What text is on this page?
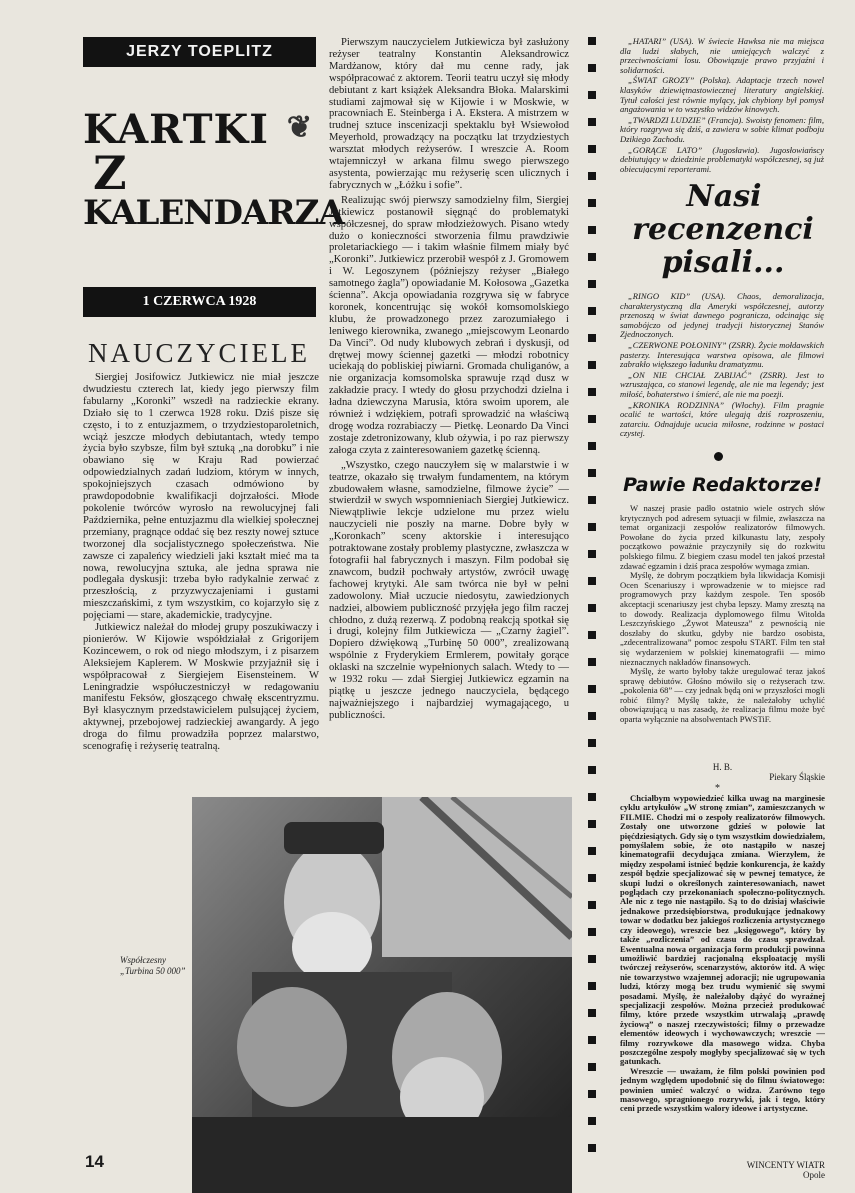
JERZY TOEPLITZ
❦
KARTKI
Z
KALENDARZA
1 CZERWCA 1928
NAUCZYCIELE

Siergiej Josifowicz Jutkiewicz nie miał jeszcze dwudziestu czterech lat, kiedy jego pierwszy film fabularny „Koronki” wszedł na radzieckie ekrany. Działo się to 1 czerwca 1928 roku. Dziś pisze się często, i to z entuzjazmem, o trzydziestoparoletnich, wciąż jeszcze młodych debiutantach, wtedy tempo życia było szybsze, film był sztuką „na dorobku” i nie obawiano się w Kraju Rad powierzać odpowiedzialnych zadań ludziom, którym w innych, spokojniejszych czasach odmówiono by prawdopodobnie kwalifikacji dojrzałości. Młode pokolenie twórców wyrosło na rewolucyjnej fali Października, pełne entuzjazmu dla wielkiej społecznej przemiany, pragnące oddać się bez reszty nowej sztuce tworzonej dla socjalistycznego społeczeństwa. Nie zawsze ci zapaleńcy wiedzieli jaki kształt mieć ma ta nowa, rewolucyjna sztuka, ale jedna sprawa nie podlegała dyskusji: trzeba było radykalnie zerwać z przeszłością, z przyzwyczajeniami i gustami mieszczańskimi, z tym wszystkim, co kojarzyło się z pojęciami — stare, akademickie, tradycyjne.

Jutkiewicz należał do młodej grupy poszukiwaczy i pionierów. W Kijowie współdziałał z Grigorijem Kozincewem, o rok od niego młodszym, i z pisarzem Aleksiejem Kaplerem. W Moskwie przyjaźnił się i współpracował z Siergiejem Eisensteinem. W Leningradzie współuczestniczył w redagowaniu manifestu Feksów, głoszącego chwałę ekscentryzmu. Był klasycznym przedstawicielem pulsującej życiem, aktywnej, przebojowej radzieckiej awangardy. A jego droga do filmu prowadziła poprzez malarstwo, scenografię i reżyserię teatralną.

Pierwszym nauczycielem Jutkiewicza był zasłużony reżyser teatralny Konstantin Aleksandrowicz Mardżanow, który dał mu cenne rady, jak współpracować z aktorem. Teorii teatru uczył się młody debiutant z kart książek Aleksandra Błoka. Malarskimi studiami zajmował się w Kijowie i w Moskwie, w pracowniach E. Steinberga i A. Ekstera. A mistrzem w trudnej sztuce inscenizacji spektaklu był Wsiewołod Meyerhold, prowadzący na początku lat trzydziestych warsztat młodych reżyserów. I wreszcie A. Room wtajemniczył w arkana filmu swego pierwszego asystenta, powierzając mu reżyserię scen ulicznych i fabrycznych w „Łóżku i sofie”.

Realizując swój pierwszy samodzielny film, Siergiej Jutkiewicz postanowił sięgnąć do problematyki współczesnej, do spraw młodzieżowych. Pisano wtedy dużo o konieczności stworzenia filmu prawdziwie proletariackiego — i takim właśnie filmem miały być „Koronki”. Jutkiewicz przerobił wespół z J. Gromowem i W. Legoszynem (późniejszy reżyser „Białego samotnego żagla”) opowiadanie M. Kołosowa „Gazetka ścienna”. Akcja opowiadania rozgrywa się w fabryce koronek, koncentrując się wokół komsomolskiego klubu, że prowadzonego przez zarozumiałego i leniwego kierownika, zwanego „miejscowym Leonardo Da Vinci”. Od nudy klubowych zebrań i dyskusji, od drętwej mowy ściennej gazetki — młodzi robotnicy uciekają do pobliskiej piwiarni. Gromada chuliganów, a nie organizacja komsomolska sprawuje rząd dusz w zakładzie pracy. I wtedy do głosu przychodzi dzielna i ładna dziewczyna Marusia, która swoim uporem, ale również i wdziękiem, potrafi sprowadzić na właściwą drogę wodza rozrabiaczy — Pietkę. Leonardo Da Vinci zostaje zdetronizowany, klub ożywia, i po raz pierwszy załoga czyta z zainteresowaniem gazetkę ścienną.

„Wszystko, czego nauczyłem się w malarstwie i w teatrze, okazało się trwałym fundamentem, na którym zbudowałem własne, samodzielne, filmowe życie” — stwierdził w swych wspomnieniach Siergiej Jutkiewicz. Niewątpliwie lekcje udzielone mu przez wielu nauczycieli nie poszły na marne. Dobre były w „Koronkach” sceny aktorskie i interesująco potraktowane zostały problemy plastyczne, zwłaszcza w fotografii hal fabrycznych i maszyn. Film podobał się znawcom, budził pochwały artystów, zwrócił uwagę fachowej krytyki. Ale sam twórca nie był w pełni zadowolony. Miał uczucie niedosytu, zawiedzionych nadziei, albowiem publiczność przyjęła jego film raczej chłodno, z dużą rezerwą. Z podobną reakcją spotkał się i drugi, kolejny film Jutkiewicza — „Czarny żagiel”. Dopiero dźwiękową „Turbinę 50 000”, zrealizowaną wspólnie z Fryderykiem Ermlerem, powitały gorące oklaski na szczelnie wypełnionych salach. Wtedy to — w 1932 roku — zdał Siergiej Jutkiewicz egzamin na piątkę u jeszcze jednego nauczyciela, będącego najważniejszego i najbardziej wymagającego, u publiczności.

Współczesny
„Turbina 50 000”
14

„HATARI” (USA). W świecie Hawksa nie ma miejsca dla ludzi słabych, nie umiejących walczyć z przeciwnościami losu. Obowiązuje prawo przyjaźni i solidarności.

„ŚWIAT GROZY” (Polska). Adaptacje trzech nowel klasyków dziewiętnastowiecznej literatury angielskiej. Tytuł całości jest równie mylący, jak chybiony był pomysł angażowania w to wszystko widzów kinowych.

„TWARDZI LUDZIE” (Francja). Swoisty fenomen: film, który rozgrywa się dziś, a zawiera w sobie klimat podboju Dzikiego Zachodu.

„GORĄCE LATO” (Jugosławia). Jugosłowiańscy debiutujący w dziedzinie problematyki współczesnej, są już obiecującymi reporterami.

Nasi
recenzenci
pisali...

„RINGO KID” (USA). Chaos, demoralizacja, charakterystyczną dla Ameryki współczesnej, autorzy przenoszą w świat dawnego pogranicza, odcinając się samobójczo od jedynej tradycji historycznej Stanów Zjednoczonych.

„CZERWONE POŁONINY” (ZSRR). Życie mołdawskich pasterzy. Interesująca warstwa opisowa, ale filmowi zabrakło większego ładunku dramatyzmu.

„ON NIE CHCIAŁ ZABIJAĆ” (ZSRR). Jest to wzruszająca, co stanowi legendę, ale nie ma legendy; jest miłość, bohaterstwo i śmierć, ale nie ma poezji.

„KRONIKA RODZINNA” (Włochy). Film pragnie ocalić te wartości, które ulegają dziś rozproszeniu, zatarciu. Odnajduje ucucia miłosne, rodzinne w postaci czystej.

Pawie Redaktorze!

W naszej prasie padło ostatnio wiele ostrych słów krytycznych pod adresem sytuacji w filmie, zwłaszcza na temat organizacji zespołów realizatorów filmowych. Powołane do życia przed kilkunastu laty, zespoły początkowo poważnie przyczyniły się do rozkwitu polskiego filmu. Z biegiem czasu model ten jakoś przestał zdawać egzamin i dziś praca zespołów wymaga zmian.

Myślę, że dobrym początkiem była likwidacja Komisji Ocen Scenariuszy i wprowadzenie w to miejsce rad programowych przy każdym zespole. Ten sposób akceptacji scenariuszy jest chyba lepszy. Mamy zresztą na to dowody. Realizacja dyplomowego filmu Witolda Leszczyńskiego „Żywot Mateusza” z pewnością nie doszłaby do skutku, gdyby nie bardzo osobista, „zdecentralizowana” pomoc zespołu START. Film ten stał się wydarzeniem w polskiej kinematografii — mimo nieznacznych nakładów finansowych.

Myślę, że warto byłoby także uregulować teraz jakoś sprawę debiutów. Głośno mówiło się o reżyserach tzw. „pokolenia 68” — czy jednak będą oni w przyszłości mogli robić filmy? Myślę także, że należałoby uchylić obowiązującą u nas zasadę, że realizacja filmu może być oparta wyłącznie na absolwentach PWSTiF.

H. B.
Piekary Śląskie
*

Chciałbym wypowiedzieć kilka uwag na marginesie cyklu artykułów „W stronę zmian”, zamieszczanych w FILMIE. Chodzi mi o zespoły realizatorów filmowych. Zostały one utworzone gdzieś w połowie lat pięćdziesiątych. Gdy się o tym wszystkim dowiedziałem, pomyślałem sobie, że oto nastąpiło w naszej kinematografii decydująca zmiana. Wierzyłem, że między zespołami istnieć będzie konkurencja, że każdy zespół będzie specjalizować się w pewnej tematyce, że skupi ludzi o określonych zainteresowaniach, nawet poglądach czy przekonaniach społeczno-politycznych. Ale nic z tego nie nastąpiło. Są to do dzisiaj właściwie jednakowe przedsiębiorstwa, produkujące jednakowy towar w dodatku bez jakiegoś rozliczenia artystycznego czy ideowego), wreszcie bez „księgowego”, który by także „rozliczenia” od czasu do czasu sprawdzał. Ewentualna nowa organizacja form produkcji powinna umożliwić bardziej racjonalną eksploatację myśli twórczej reżyserów, scenarzystów, aktorów itd. A więc nie towarzystwo wzajemnej adoracji; nie ugrupowania ludzi, którzy mogą bez trudu wymienić się swymi posadami. Myślę, że należałoby dążyć do wyraźnej specjalizacji zespołów. Można przecież produkować filmy, które przede wszystkim utrwalają „prawdę życiową” o naszej rzeczywistości; filmy o przewadze elementów ideowych i wychowawczych; wreszcie — filmy rozrywkowe dla masowego widza. Chyba poszczególne zespoły mogłyby specjalizować się w tych gatunkach.

Wreszcie — uważam, że film polski powinien pod jednym względem upodobnić się do filmu światowego: powinien umieć walczyć o widza. Zarówno tego masowego, spragnionego rozrywki, jak i tego, który ceni przede wszystkim walory ideowe i artystyczne.

WINCENTY WIATR
Opole
